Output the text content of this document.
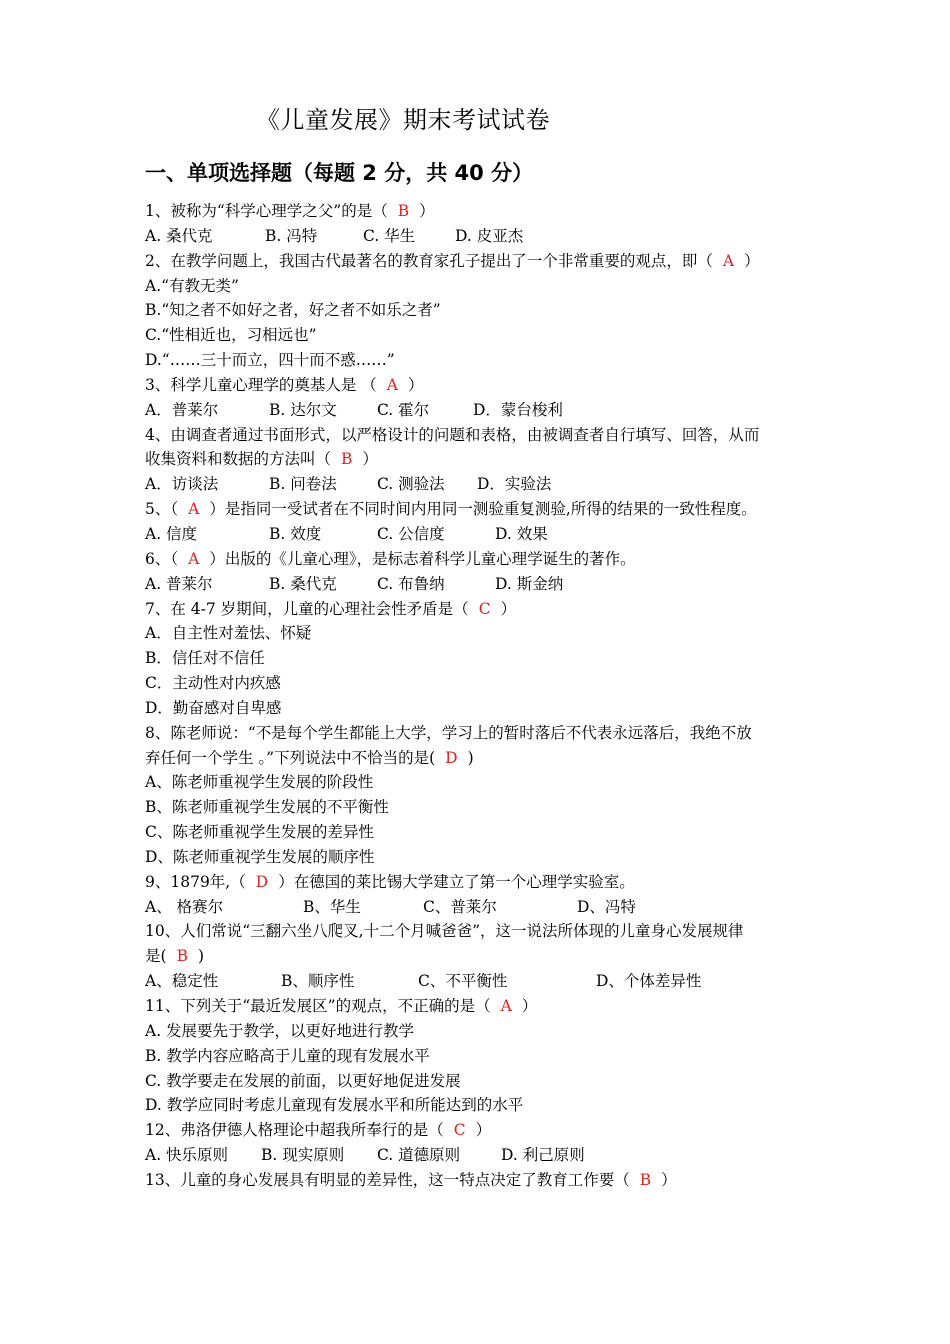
《儿童发展》期末考试试卷
一、单项选择题（每题 2 分，共 40 分）
1、被称为“科学心理学之父”的是（ B ）
A. 桑代克	B. 冯特	C. 华生	D. 皮亚杰
2、在教学问题上，我国古代最著名的教育家孔子提出了一个非常重要的观点，即（ A ）
A.“有教无类”
B.“知之者不如好之者，好之者不如乐之者”
C.“性相近也，习相远也”
D.“……三十而立，四十而不惑……”
3、科学儿童心理学的奠基人是 （ A ）
A．普莱尔	B. 达尔文	C. 霍尔	D．蒙台梭利
4、由调查者通过书面形式，以严格设计的问题和表格，由被调查者自行填写、回答，从而
收集资料和数据的方法叫（ B ）
A．访谈法	B. 问卷法	C. 测验法 D．实验法
5、（ A ）是指同一受试者在不同时间内用同一测验重复测验,所得的结果的一致性程度。
A. 信度	B. 效度	C. 公信度	D. 效果
6、（ A ）出版的《儿童心理》，是标志着科学儿童心理学诞生的著作。
A. 普莱尔	B. 桑代克	C. 布鲁纳	D. 斯金纳
7、在 4-7 岁期间，儿童的心理社会性矛盾是（ C ）
A．自主性对羞怯、怀疑
B．信任对不信任
C．主动性对内疚感
D．勤奋感对自卑感
8、陈老师说：“不是每个学生都能上大学，学习上的暂时落后不代表永远落后，我绝不放
弃任何一个学生 。”下列说法中不恰当的是( D )
A、陈老师重视学生发展的阶段性
B、陈老师重视学生发展的不平衡性
C、陈老师重视学生发展的差异性
D、陈老师重视学生发展的顺序性
9、1879年,（ D ）在德国的莱比锡大学建立了第一个心理学实验室。
A、 格赛尔	B、华生	C、普莱尔	D、冯特
10、人们常说“三翻六坐八爬叉,十二个月喊爸爸”，这一说法所体现的儿童身心发展规律
是( B )
A、稳定性	B、顺序性	C、不平衡性	D、个体差异性
11、下列关于“最近发展区”的观点，不正确的是（ A ）
A. 发展要先于教学，以更好地进行教学
B. 教学内容应略高于儿童的现有发展水平
C. 教学要走在发展的前面，以更好地促进发展
D. 教学应同时考虑儿童现有发展水平和所能达到的水平
12、弗洛伊德人格理论中超我所奉行的是（ C ）
A. 快乐原则 B. 现实原则 C. 道德原则	D. 利己原则
13、儿童的身心发展具有明显的差异性，这一特点决定了教育工作要（ B ）
